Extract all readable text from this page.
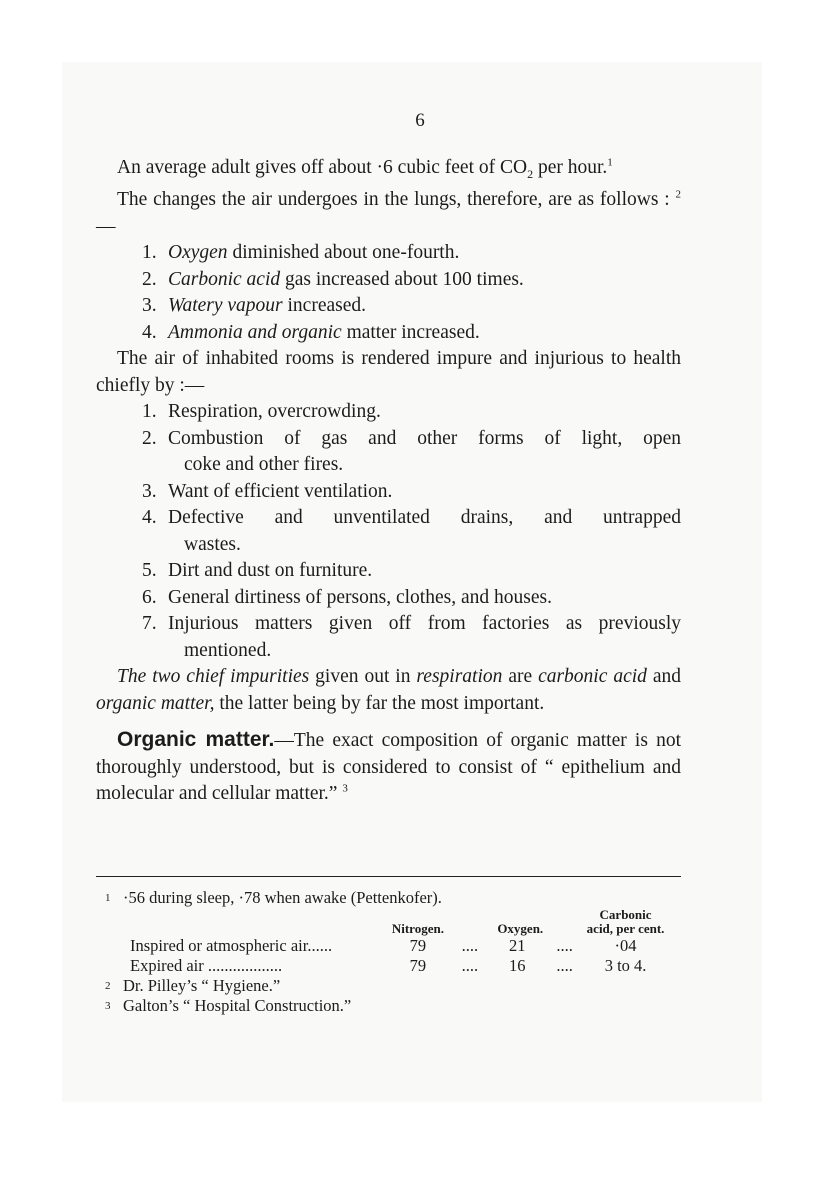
6
An average adult gives off about ·6 cubic feet of $CO_2$ per hour.$^1$
The changes the air undergoes in the lungs, therefore, are as follows : $^2$—
1. Oxygen diminished about one-fourth.
2. Carbonic acid gas increased about 100 times.
3. Watery vapour increased.
4. Ammonia and organic matter increased.
The air of inhabited rooms is rendered impure and injurious to health chiefly by :—
1. Respiration, overcrowding.
2. Combustion of gas and other forms of light, open
coke and other fires.
3. Want of efficient ventilation.
4. Defective and unventilated drains, and untrapped
wastes.
5. Dirt and dust on furniture.
6. General dirtiness of persons, clothes, and houses.
7. Injurious matters given off from factories as previously
mentioned.
The two chief impurities given out in respiration are carbonic acid and organic matter, the latter being by far the most important.
Organic matter.—The exact composition of organic matter is not thoroughly understood, but is considered to consist of “ epithelium and molecular and cellular matter.” $^3$
1 ·56 during sleep, ·78 when awake (Pettenkofer).
	Nitrogen.		Oxygen.		Carbonic acid, per cent.
Inspired or atmospheric air......	79	....	21	....	·04
Expired air ..................	79	....	16	....	3 to 4.
2 Dr. Pilley’s “ Hygiene.”
3 Galton’s “ Hospital Construction.”
